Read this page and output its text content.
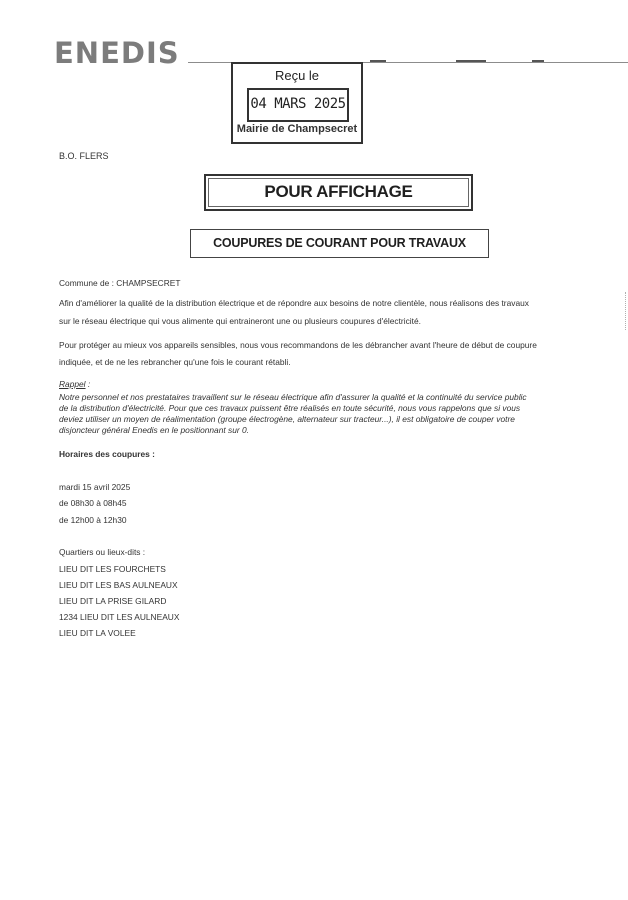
ENEDIS
Reçu le
04 MARS 2025
Mairie de Champsecret
B.O. FLERS
POUR AFFICHAGE
COUPURES DE COURANT POUR TRAVAUX
Commune de : CHAMPSECRET
Afin d'améliorer la qualité de la distribution électrique et de répondre aux besoins de notre clientèle, nous réalisons des travaux
sur le réseau électrique qui vous alimente qui entraineront une ou plusieurs coupures d'électricité.
Pour protéger au mieux vos appareils sensibles, nous vous recommandons de les débrancher avant l'heure de début de coupure
indiquée, et de ne les rebrancher qu'une fois le courant rétabli.
Rappel :
Notre personnel et nos prestataires travaillent sur le réseau électrique afin d'assurer la qualité et la continuité du service public
de la distribution d'électricité. Pour que ces travaux puissent être réalisés en toute sécurité, nous vous rappelons que si vous
deviez utiliser un moyen de réalimentation (groupe électrogène, alternateur sur tracteur...), il est obligatoire de couper votre
disjoncteur général Enedis en le positionnant sur 0.
Horaires des coupures :
mardi 15 avril 2025
de 08h30 à 08h45
de 12h00 à 12h30
Quartiers ou lieux-dits :
LIEU DIT LES FOURCHETS
LIEU DIT LES BAS AULNEAUX
LIEU DIT LA PRISE GILARD
1234 LIEU DIT LES AULNEAUX
LIEU DIT LA VOLEE
